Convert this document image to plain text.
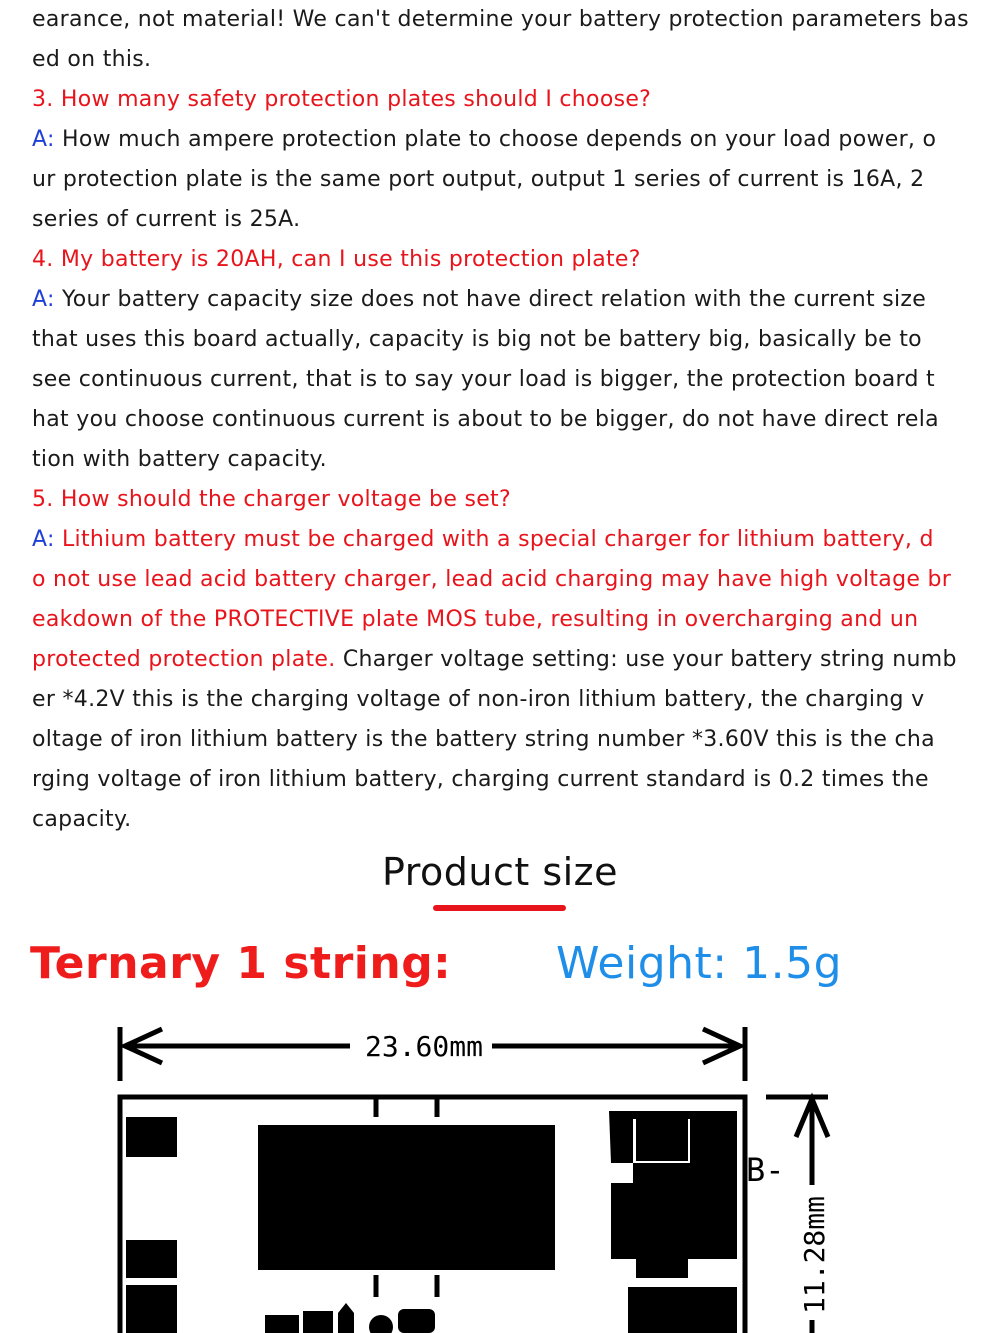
earance, not material! We can't determine your battery protection parameters bas
ed on this.
3. How many safety protection plates should I choose?
A: How much ampere protection plate to choose depends on your load power, o
ur protection plate is the same port output, output 1 series of current is 16A, 2
series of current is 25A.
4. My battery is 20AH, can I use this protection plate?
A: Your battery capacity size does not have direct relation with the current size
that uses this board actually, capacity is big not be battery big, basically be to
see continuous current, that is to say your load is bigger, the protection board t
hat you choose continuous current is about to be bigger, do not have direct rela
tion with battery capacity.
5. How should the charger voltage be set?
A: Lithium battery must be charged with a special charger for lithium battery, d
o not use lead acid battery charger, lead acid charging may have high voltage br
eakdown of the PROTECTIVE plate MOS tube, resulting in overcharging and un
protected protection plate. Charger voltage setting: use your battery string numb
er *4.2V this is the charging voltage of non-iron lithium battery, the charging v
oltage of iron lithium battery is the battery string number *3.60V this is the cha
rging voltage of iron lithium battery, charging current standard is 0.2 times the
capacity.
Product size
Ternary 1 string: Weight: 1.5g
23.60mm
B-
11.28mm
